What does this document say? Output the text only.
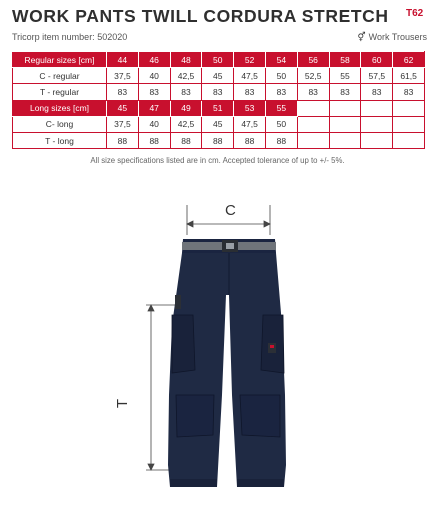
WORK PANTS TWILL CORDURA STRETCH T62
Tricorp item number: 502020	⚥ Work Trousers
Regular sizes [cm]	44	46	48	50	52	54	56	58	60	62
C - regular	37,5	40	42,5	45	47,5	50	52,5	55	57,5	61,5
T - regular	83	83	83	83	83	83	83	83	83	83
Long sizes [cm]	45	47	49	51	53	55				
C- long	37,5	40	42,5	45	47,5	50				
T - long	88	88	88	88	88	88				
All size specifications listed are in cm. Accepted tolerance of up to +/- 5%.
C
T
